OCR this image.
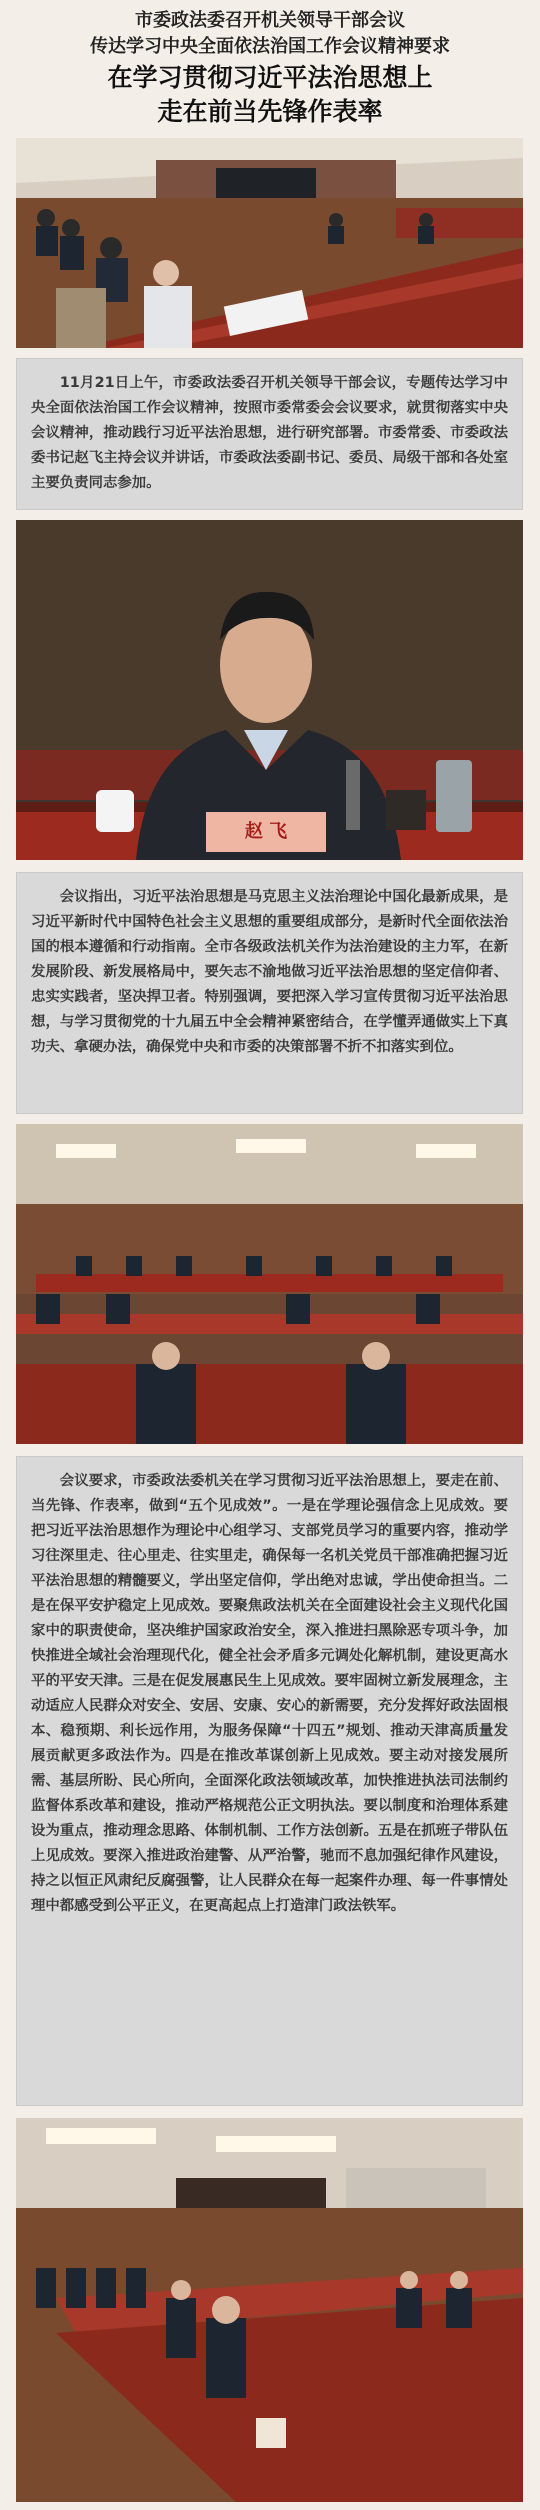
市委政法委召开机关领导干部会议
传达学习中央全面依法治国工作会议精神要求
在学习贯彻习近平法治思想上
走在前当先锋作表率
11月21日上午，市委政法委召开机关领导干部会议，专题传达学习中央全面依法治国工作会议精神，按照市委常委会会议要求，就贯彻落实中央会议精神，推动践行习近平法治思想，进行研究部署。市委常委、市委政法委书记赵飞主持会议并讲话，市委政法委副书记、委员、局级干部和各处室主要负责同志参加。
赵 飞
会议指出，习近平法治思想是马克思主义法治理论中国化最新成果，是习近平新时代中国特色社会主义思想的重要组成部分，是新时代全面依法治国的根本遵循和行动指南。全市各级政法机关作为法治建设的主力军，在新发展阶段、新发展格局中，要矢志不渝地做习近平法治思想的坚定信仰者、忠实实践者，坚决捍卫者。特别强调，要把深入学习宣传贯彻习近平法治思想，与学习贯彻党的十九届五中全会精神紧密结合，在学懂弄通做实上下真功夫、拿硬办法，确保党中央和市委的决策部署不折不扣落实到位。
会议要求，市委政法委机关在学习贯彻习近平法治思想上，要走在前、当先锋、作表率，做到“五个见成效”。一是在学理论强信念上见成效。要把习近平法治思想作为理论中心组学习、支部党员学习的重要内容，推动学习往深里走、往心里走、往实里走，确保每一名机关党员干部准确把握习近平法治思想的精髓要义，学出坚定信仰，学出绝对忠诚，学出使命担当。二是在保平安护稳定上见成效。要聚焦政法机关在全面建设社会主义现代化国家中的职责使命，坚决维护国家政治安全，深入推进扫黑除恶专项斗争，加快推进全域社会治理现代化，健全社会矛盾多元调处化解机制，建设更高水平的平安天津。三是在促发展惠民生上见成效。要牢固树立新发展理念，主动适应人民群众对安全、安居、安康、安心的新需要，充分发挥好政法固根本、稳预期、利长远作用，为服务保障“十四五”规划、推动天津高质量发展贡献更多政法作为。四是在推改革谋创新上见成效。要主动对接发展所需、基层所盼、民心所向，全面深化政法领域改革，加快推进执法司法制约监督体系改革和建设，推动严格规范公正文明执法。要以制度和治理体系建设为重点，推动理念思路、体制机制、工作方法创新。五是在抓班子带队伍上见成效。要深入推进政治建警、从严治警，驰而不息加强纪律作风建设，持之以恒正风肃纪反腐强警，让人民群众在每一起案件办理、每一件事情处理中都感受到公平正义，在更高起点上打造津门政法铁军。
